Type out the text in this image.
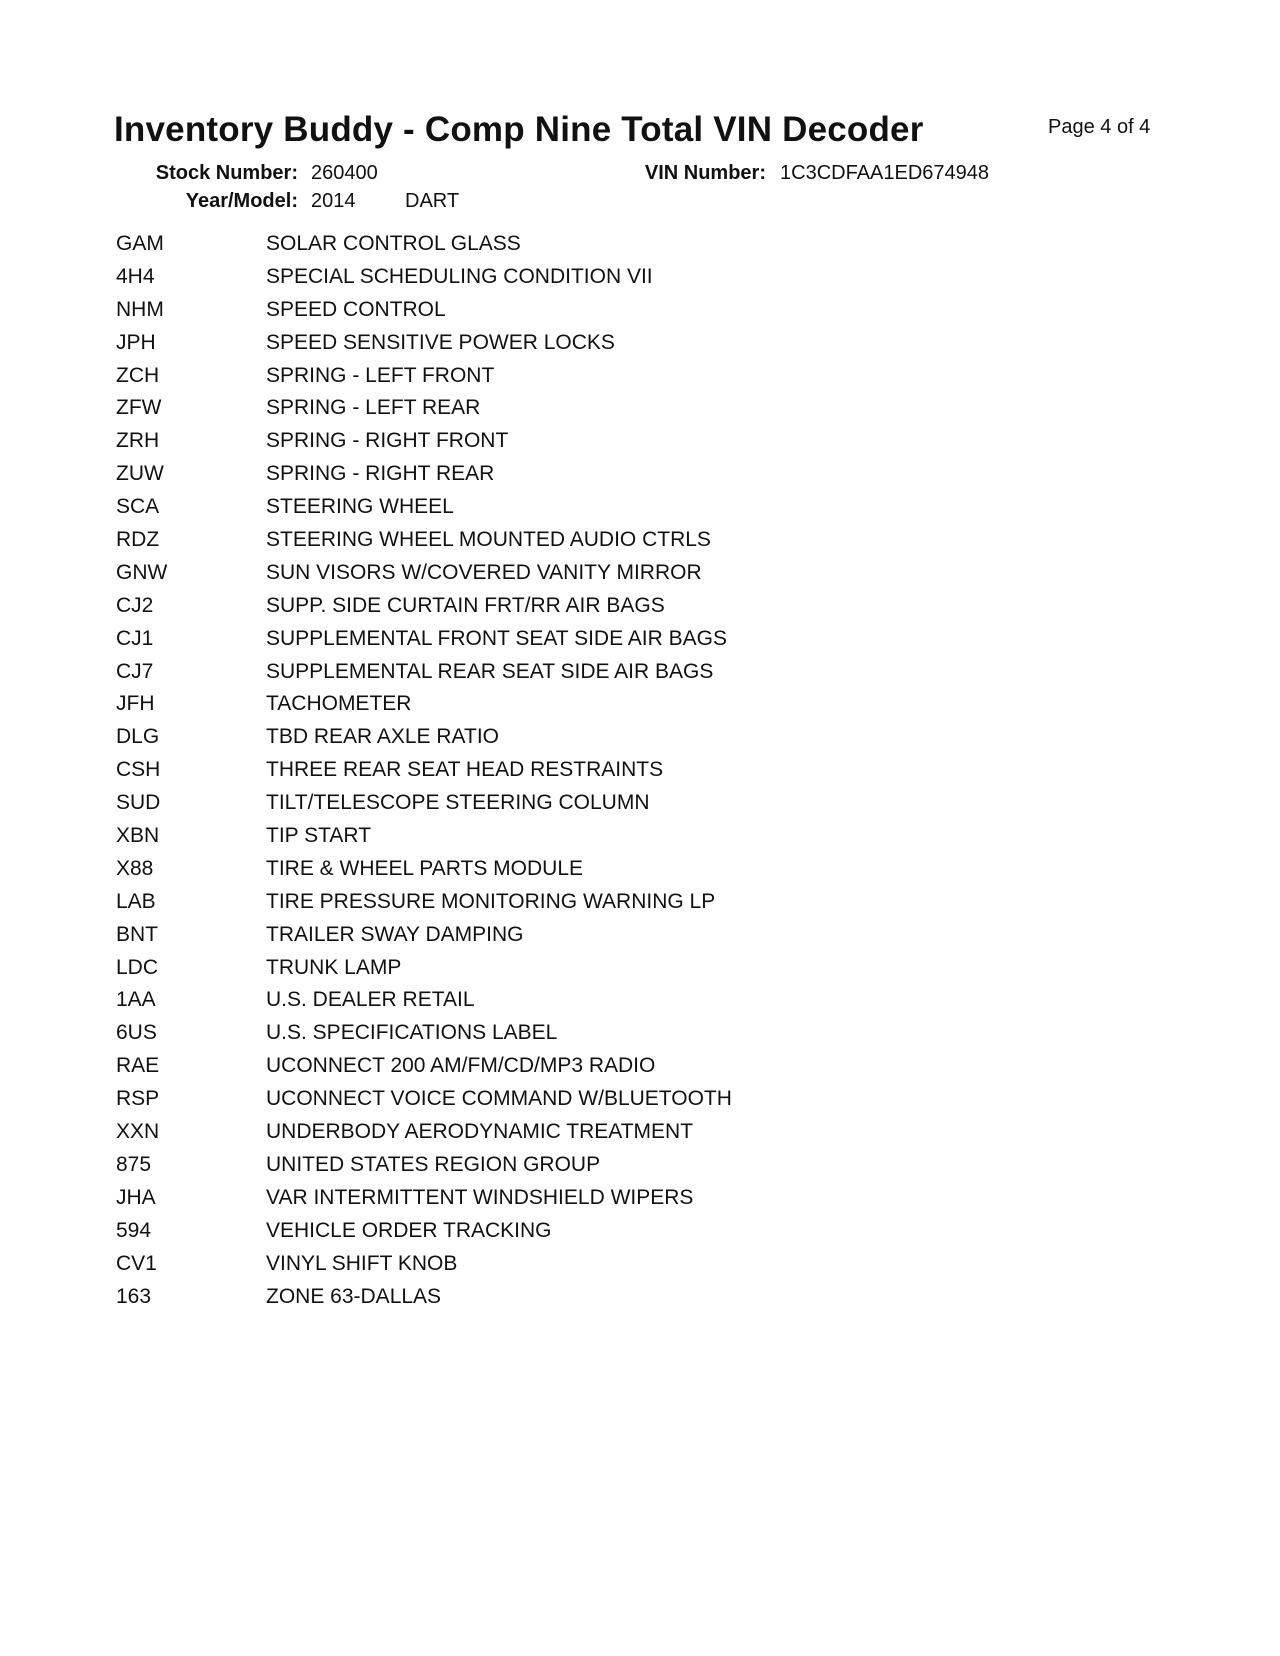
Inventory Buddy - Comp Nine Total VIN Decoder	Page 4 of 4
Stock Number: 260400	VIN Number: 1C3CDFAA1ED674948
Year/Model: 2014 DART
GAM	SOLAR CONTROL GLASS
4H4	SPECIAL SCHEDULING CONDITION VII
NHM	SPEED CONTROL
JPH	SPEED SENSITIVE POWER LOCKS
ZCH	SPRING - LEFT FRONT
ZFW	SPRING - LEFT REAR
ZRH	SPRING - RIGHT FRONT
ZUW	SPRING - RIGHT REAR
SCA	STEERING WHEEL
RDZ	STEERING WHEEL MOUNTED AUDIO CTRLS
GNW	SUN VISORS W/COVERED VANITY MIRROR
CJ2	SUPP. SIDE CURTAIN FRT/RR AIR BAGS
CJ1	SUPPLEMENTAL FRONT SEAT SIDE AIR BAGS
CJ7	SUPPLEMENTAL REAR SEAT SIDE AIR BAGS
JFH	TACHOMETER
DLG	TBD REAR AXLE RATIO
CSH	THREE REAR SEAT HEAD RESTRAINTS
SUD	TILT/TELESCOPE STEERING COLUMN
XBN	TIP START
X88	TIRE & WHEEL PARTS MODULE
LAB	TIRE PRESSURE MONITORING WARNING LP
BNT	TRAILER SWAY DAMPING
LDC	TRUNK LAMP
1AA	U.S. DEALER RETAIL
6US	U.S. SPECIFICATIONS LABEL
RAE	UCONNECT 200 AM/FM/CD/MP3 RADIO
RSP	UCONNECT VOICE COMMAND W/BLUETOOTH
XXN	UNDERBODY AERODYNAMIC TREATMENT
875	UNITED STATES REGION GROUP
JHA	VAR INTERMITTENT WINDSHIELD WIPERS
594	VEHICLE ORDER TRACKING
CV1	VINYL SHIFT KNOB
163	ZONE 63-DALLAS
